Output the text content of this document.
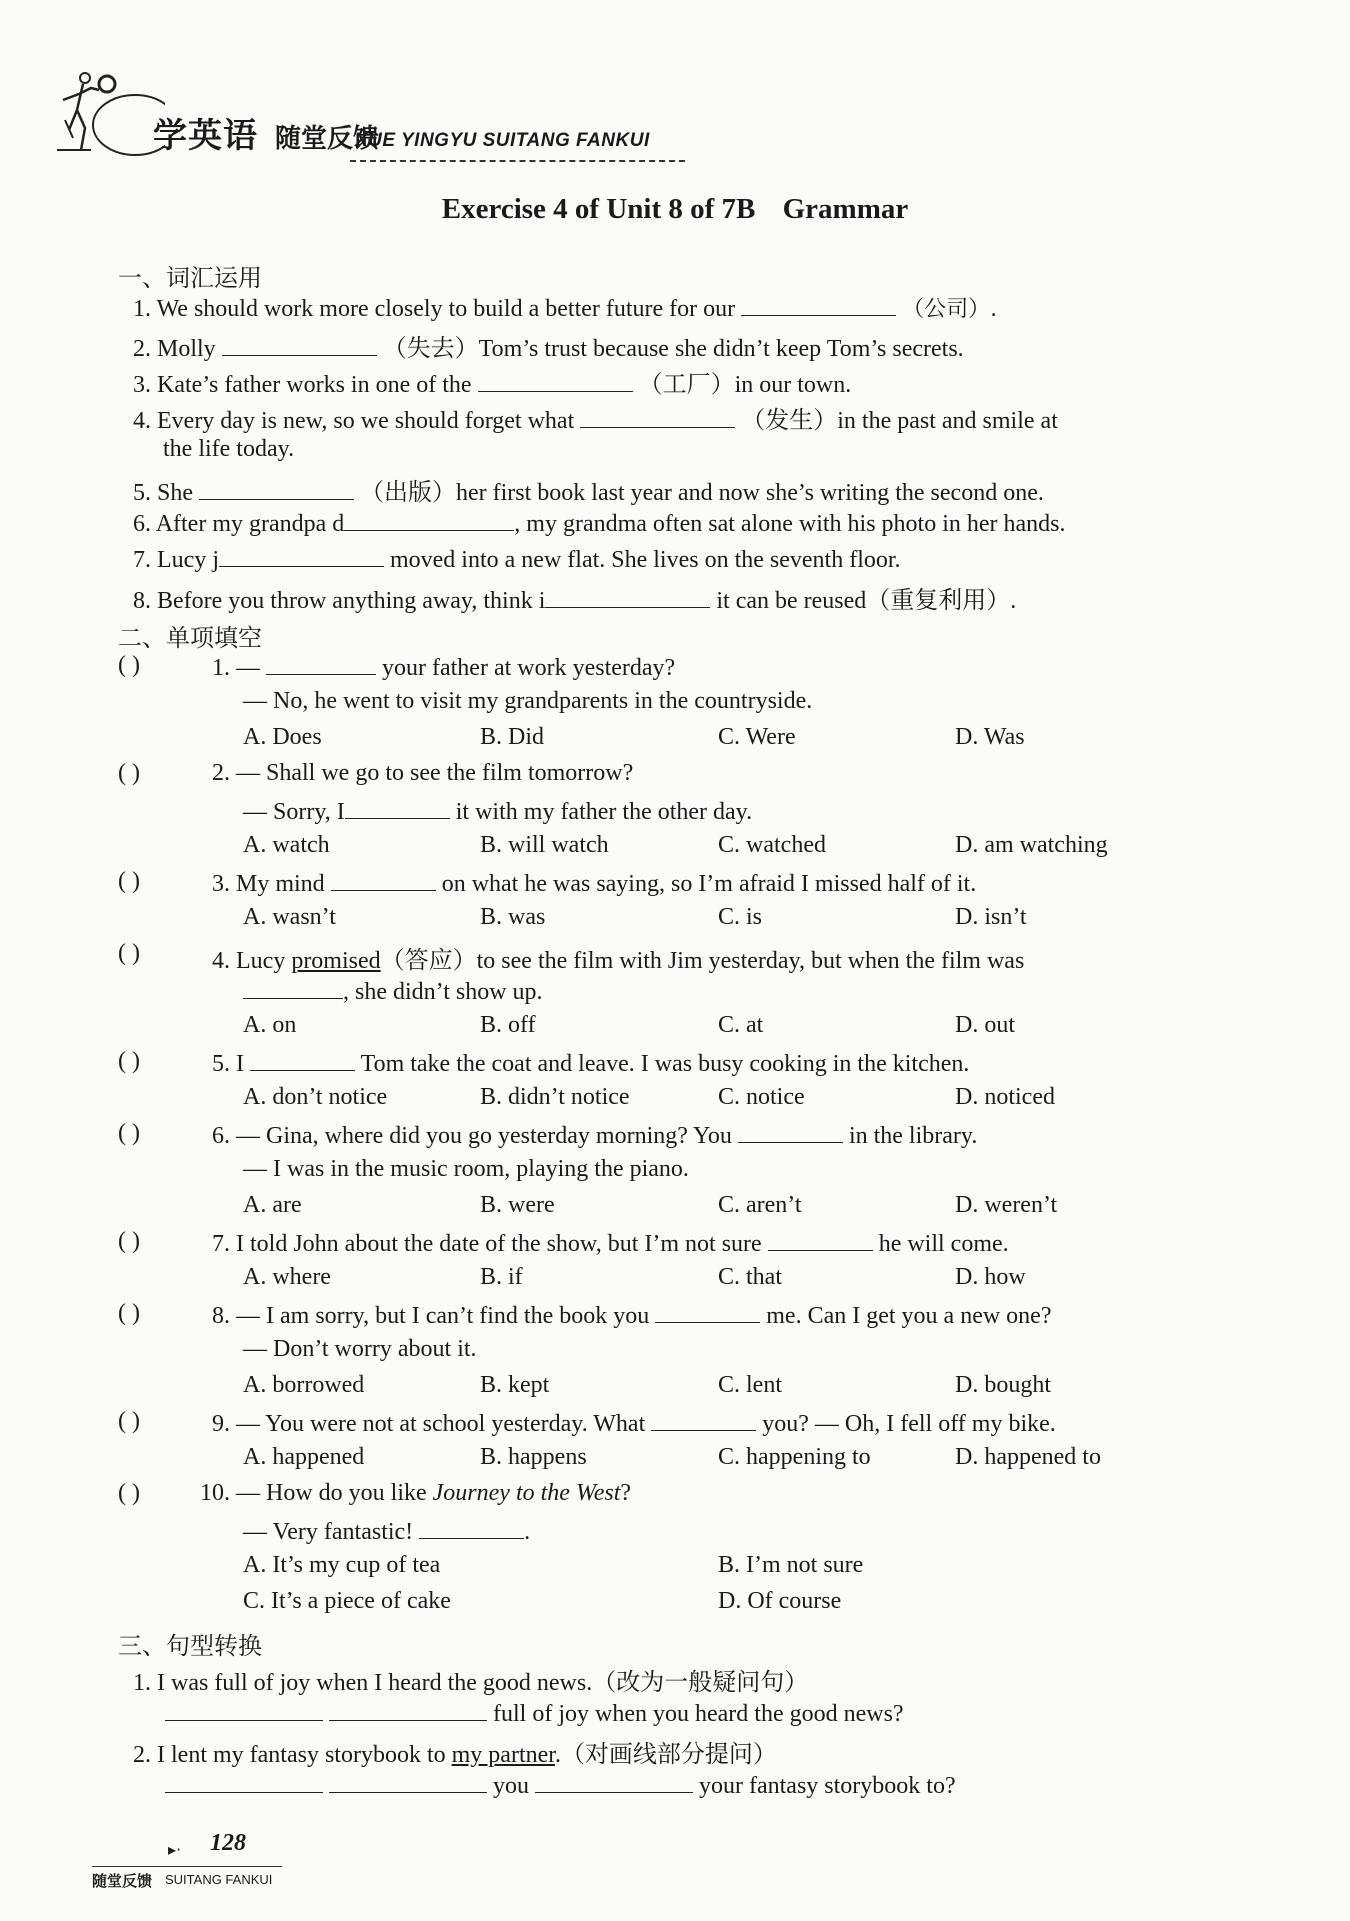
学英语 随堂反馈
XUE YINGYU SUITANG FANKUI
Exercise 4 of Unit 8 of 7B Grammar
一、词汇运用
1. We should work more closely to build a better future for our	（公司）.
2. Molly	（失去）Tom’s trust because she didn’t keep Tom’s secrets.
3. Kate’s father works in one of the	（工厂）in our town.
4. Every day is new, so we should forget what	（发生）in the past and smile at
the life today.
5. She	（出版）her first book last year and now she’s writing the second one.
6. After my grandpa d	, my grandma often sat alone with his photo in her hands.
7. Lucy j	moved into a new flat. She lives on the seventh floor.
8. Before you throw anything away, think i	it can be reused（重复利用）.
二、单项填空
( )	1. —	your father at work yesterday?
— No, he went to visit my grandparents in the countryside.
A. Does	B. Did	C. Were	D. Was
( )	2. — Shall we go to see the film tomorrow?
— Sorry, I	it with my father the other day.
A. watch	B. will watch	C. watched	D. am watching
( )	3. My mind	on what he was saying, so I’m afraid I missed half of it.
A. wasn’t	B. was	C. is	D. isn’t
( )	4. Lucy promised（答应）to see the film with Jim yesterday, but when the film was
, she didn’t show up.
A. on	B. off	C. at	D. out
( )	5. I	Tom take the coat and leave. I was busy cooking in the kitchen.
A. don’t notice	B. didn’t notice	C. notice	D. noticed
( )	6. — Gina, where did you go yesterday morning? You	in the library.
— I was in the music room, playing the piano.
A. are	B. were	C. aren’t	D. weren’t
( )	7. I told John about the date of the show, but I’m not sure	he will come.
A. where	B. if	C. that	D. how
( )	8. — I am sorry, but I can’t find the book you	me. Can I get you a new one?
— Don’t worry about it.
A. borrowed	B. kept	C. lent	D. bought
( )	9. — You were not at school yesterday. What	you? — Oh, I fell off my bike.
A. happened	B. happens	C. happening to	D. happened to
( )	10. — How do you like Journey to the West?
— Very fantastic!	.
A. It’s my cup of tea	B. I’m not sure
C. It’s a piece of cake	D. Of course
三、句型转换
1. I was full of joy when I heard the good news.（改为一般疑问句）
full of joy when you heard the good news?
2. I lent my fantasy storybook to my partner.（对画线部分提问）
you	your fantasy storybook to?
▸· 128
随堂反馈 SUITANG FANKUI
